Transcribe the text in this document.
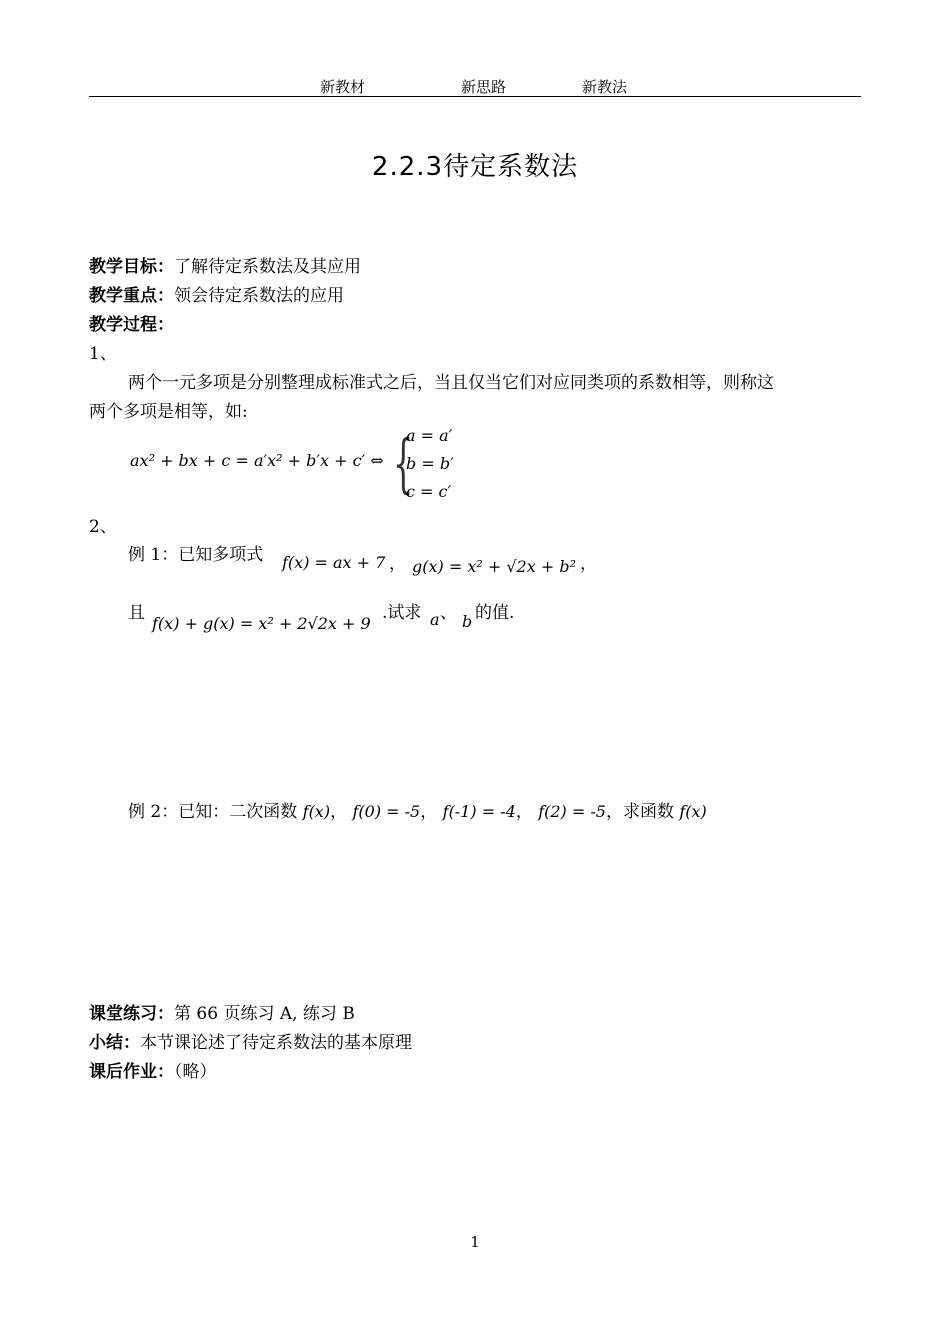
新教材	新思路	新教法
2.2.3待定系数法
教学目标：了解待定系数法及其应用
教学重点：领会待定系数法的应用
教学过程：
1、
两个一元多项是分别整理成标准式之后，当且仅当它们对应同类项的系数相等，则称这
两个多项是相等，如:
ax² + bx + c = a′x² + b′x + c′ ⇔ {
a = a′
b = b′
c = c′
2、
例 1：已知多项式 f(x) = ax + 7 ， g(x) = x² + √2x + b² ，
且
f(x) + g(x) = x² + 2√2x + 9
.试求 a 、 b 的值.
例 2：已知：二次函数 f(x)， f(0) = -5， f(-1) = -4， f(2) = -5，求函数 f(x)
课堂练习：第 66 页练习 A, 练习 B
小结：本节课论述了待定系数法的基本原理
课后作业：（略）
1
